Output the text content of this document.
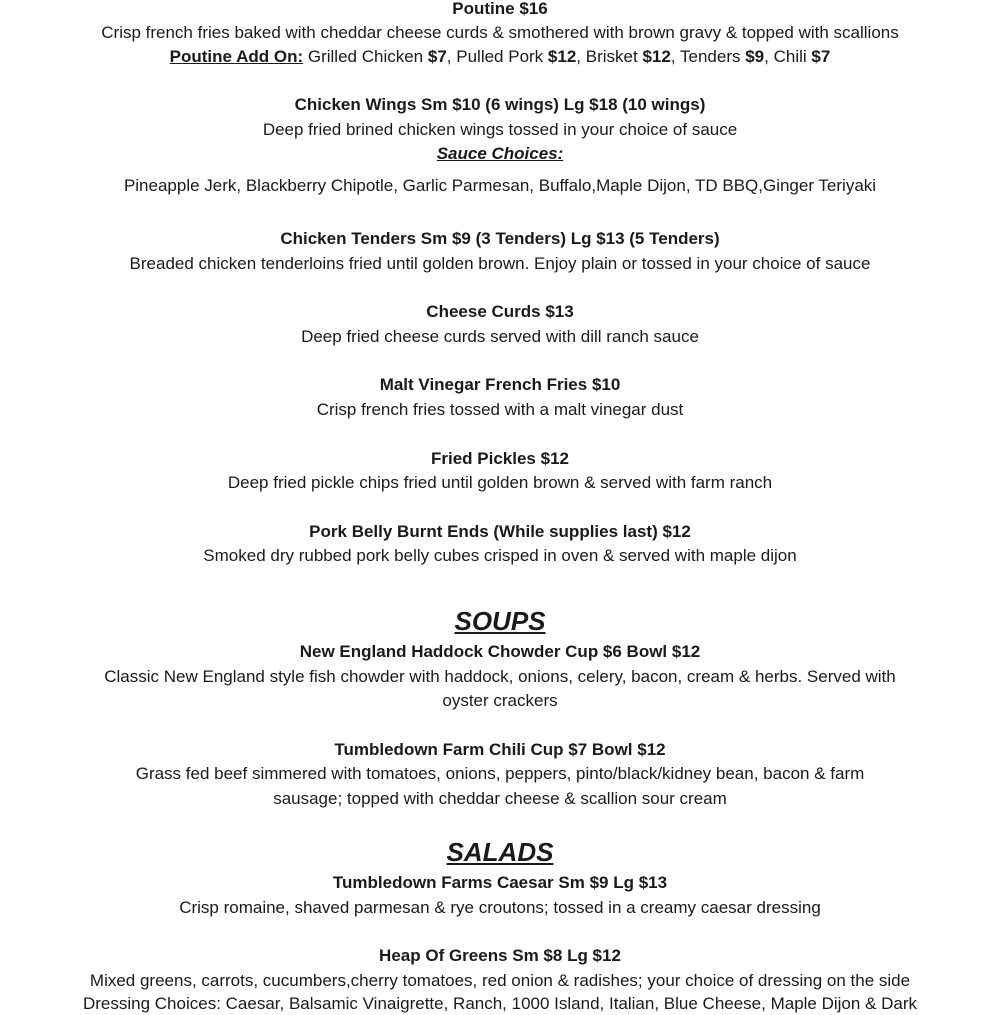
Poutine $16
Crisp french fries baked with cheddar cheese curds & smothered with brown gravy & topped with scallions
Poutine Add On: Grilled Chicken $7, Pulled Pork $12, Brisket $12, Tenders $9, Chili $7
Chicken Wings Sm $10 (6 wings) Lg $18 (10 wings)
Deep fried brined chicken wings tossed in your choice of sauce
Sauce Choices:
Pineapple Jerk, Blackberry Chipotle, Garlic Parmesan, Buffalo,Maple Dijon, TD BBQ,Ginger Teriyaki
Chicken Tenders Sm $9 (3 Tenders) Lg $13 (5 Tenders)
Breaded chicken tenderloins fried until golden brown. Enjoy plain or tossed in your choice of sauce
Cheese Curds $13
Deep fried cheese curds served with dill ranch sauce
Malt Vinegar French Fries $10
Crisp french fries tossed with a malt vinegar dust
Fried Pickles $12
Deep fried pickle chips fried until golden brown & served with farm ranch
Pork Belly Burnt Ends (While supplies last) $12
Smoked dry rubbed pork belly cubes crisped in oven & served with maple dijon
SOUPS
New England Haddock Chowder Cup $6 Bowl $12
Classic New England style fish chowder with haddock, onions, celery, bacon, cream & herbs. Served with
oyster crackers
Tumbledown Farm Chili Cup $7 Bowl $12
Grass fed beef simmered with tomatoes, onions, peppers, pinto/black/kidney bean, bacon & farm
sausage; topped with cheddar cheese & scallion sour cream
SALADS
Tumbledown Farms Caesar Sm $9 Lg $13
Crisp romaine, shaved parmesan & rye croutons; tossed in a creamy caesar dressing
Heap Of Greens Sm $8 Lg $12
Mixed greens, carrots, cucumbers,cherry tomatoes, red onion & radishes; your choice of dressing on the side
Dressing Choices: Caesar, Balsamic Vinaigrette, Ranch, 1000 Island, Italian, Blue Cheese, Maple Dijon & Dark
